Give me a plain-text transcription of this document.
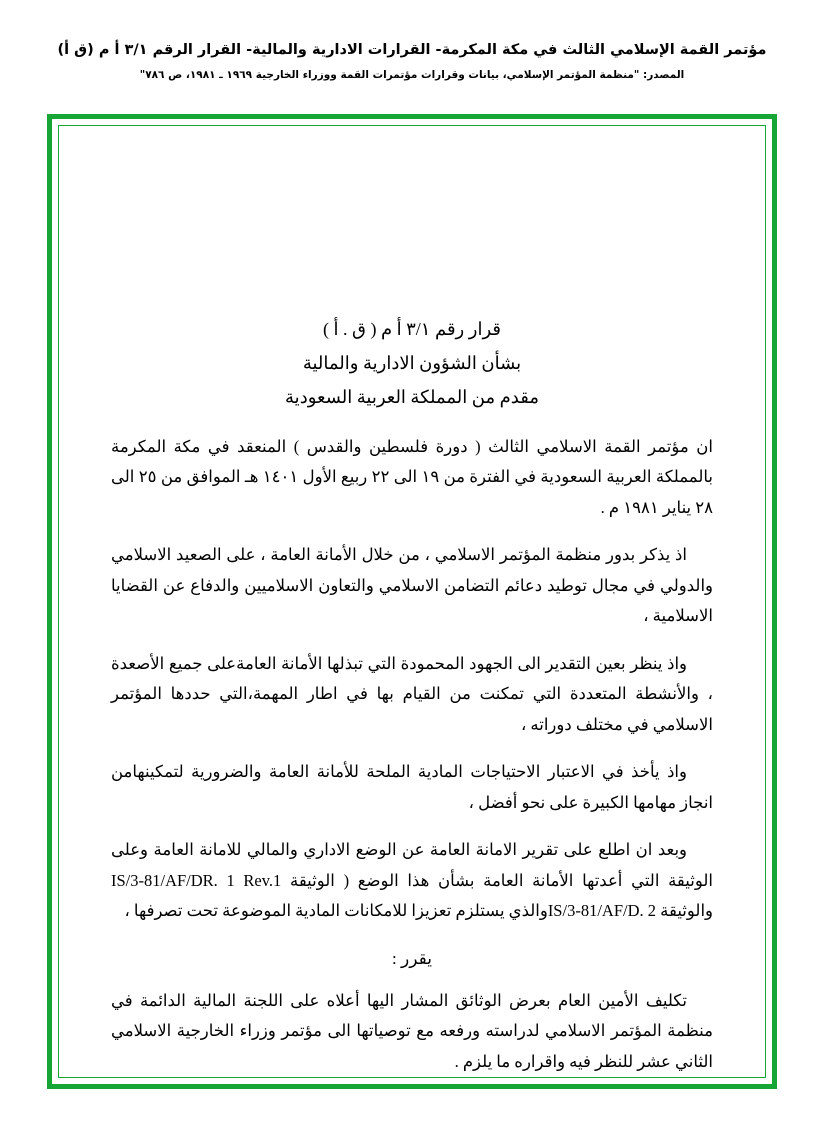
مؤتمر القمة الإسلامي الثالث في مكة المكرمة- القرارات الادارية والمالية- القرار الرقم ٣/١ أ م (ق أ)
المصدر: "منظمة المؤتمر الإسلامي، بيانات وقرارات مؤتمرات القمة ووزراء الخارجية ١٩٦٩ ـ ١٩٨١، ص ٧٨٦"
قرار رقم ٣/١ أ م ( ق . أ )
بشأن الشؤون الادارية والمالية
مقدم من المملكة العربية السعودية

ان مؤتمر القمة الاسلامي الثالث ( دورة فلسطين والقدس ) المنعقد في مكة المكرمة بالمملكة العربية السعودية في الفترة من ١٩ الى ٢٢ ربيع الأول ١٤٠١ هـ الموافق من ٢٥ الى ٢٨ يناير ١٩٨١ م .

اذ يذكر بدور منظمة المؤتمر الاسلامي ، من خلال الأمانة العامة ، على الصعيد الاسلامي والدولي في مجال توطيد دعائم التضامن الاسلامي والتعاون الاسلاميين والدفاع عن القضايا الاسلامية ،

واذ ينظر بعين التقدير الى الجهود المحمودة التي تبذلها الأمانة العامةعلى جميع الأصعدة ، والأنشطة المتعددة التي تمكنت من القيام بها في اطار المهمة،التي حددها المؤتمر الاسلامي في مختلف دوراته ،

واذ يأخذ في الاعتبار الاحتياجات المادية الملحة للأمانة العامة والضرورية لتمكينهامن انجاز مهامها الكبيرة على نحو أفضل ،

وبعد ان اطلع على تقرير الامانة العامة عن الوضع الاداري والمالي للامانة العامة وعلى الوثيقة التي أعدتها الأمانة العامة بشأن هذا الوضع ( الوثيقة IS/3-81/AF/DR. 1 Rev.1 والوثيقة IS/3-81/AF/D. 2والذي يستلزم تعزيزا للامكانات المادية الموضوعة تحت تصرفها ،

يقرر :

تكليف الأمين العام بعرض الوثائق المشار اليها أعلاه على اللجنة المالية الدائمة في منظمة المؤتمر الاسلامي لدراسته ورفعه مع توصياتها الى مؤتمر وزراء الخارجية الاسلامي الثاني عشر للنظر فيه واقراره ما يلزم .
